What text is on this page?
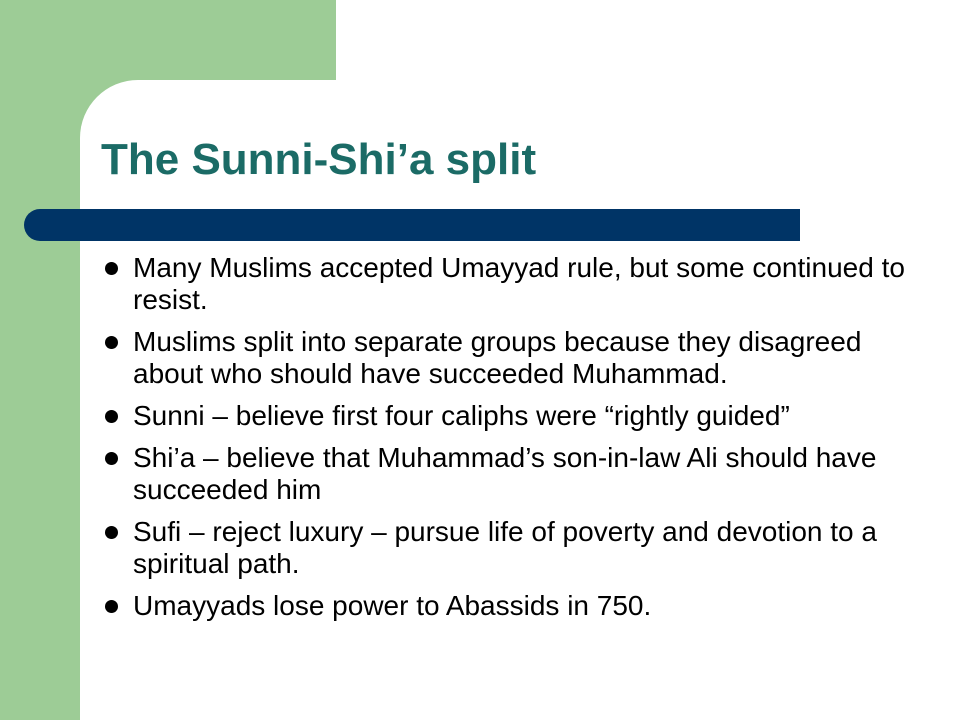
The Sunni-Shi’a split
Many Muslims accepted Umayyad rule, but some continued to resist.
Muslims split into separate groups because they disagreed about who should have succeeded Muhammad.
Sunni – believe first four caliphs were “rightly guided”
Shi’a – believe that Muhammad’s son-in-law Ali should have succeeded him
Sufi – reject luxury – pursue life of poverty and devotion to a spiritual path.
Umayyads lose power to Abassids in 750.
